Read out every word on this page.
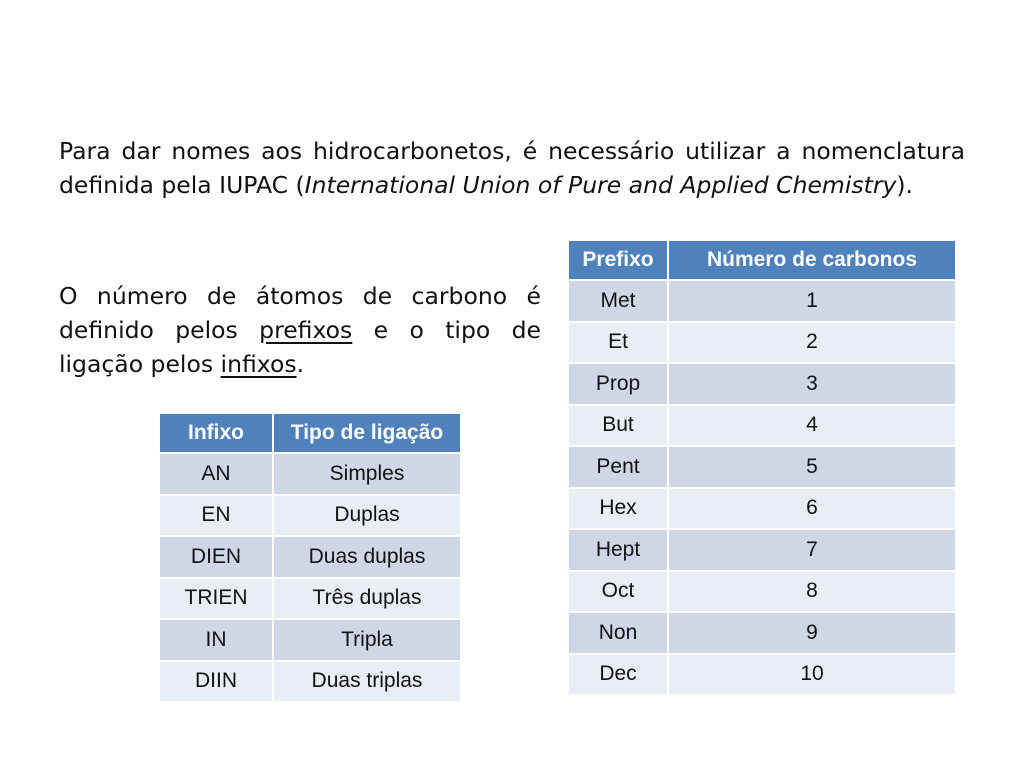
Para dar nomes aos hidrocarbonetos, é necessário utilizar a nomenclatura definida pela IUPAC (International Union of Pure and Applied Chemistry).

O número de átomos de carbono é definido pelos prefixos e o tipo de ligação pelos infixos.

Prefixo	Número de carbonos
Met	1
Et	2
Prop	3
But	4
Pent	5
Hex	6
Hept	7
Oct	8
Non	9
Dec	10
Infixo	Tipo de ligação
AN	Simples
EN	Duplas
DIEN	Duas duplas
TRIEN	Três duplas
IN	Tripla
DIIN	Duas triplas
